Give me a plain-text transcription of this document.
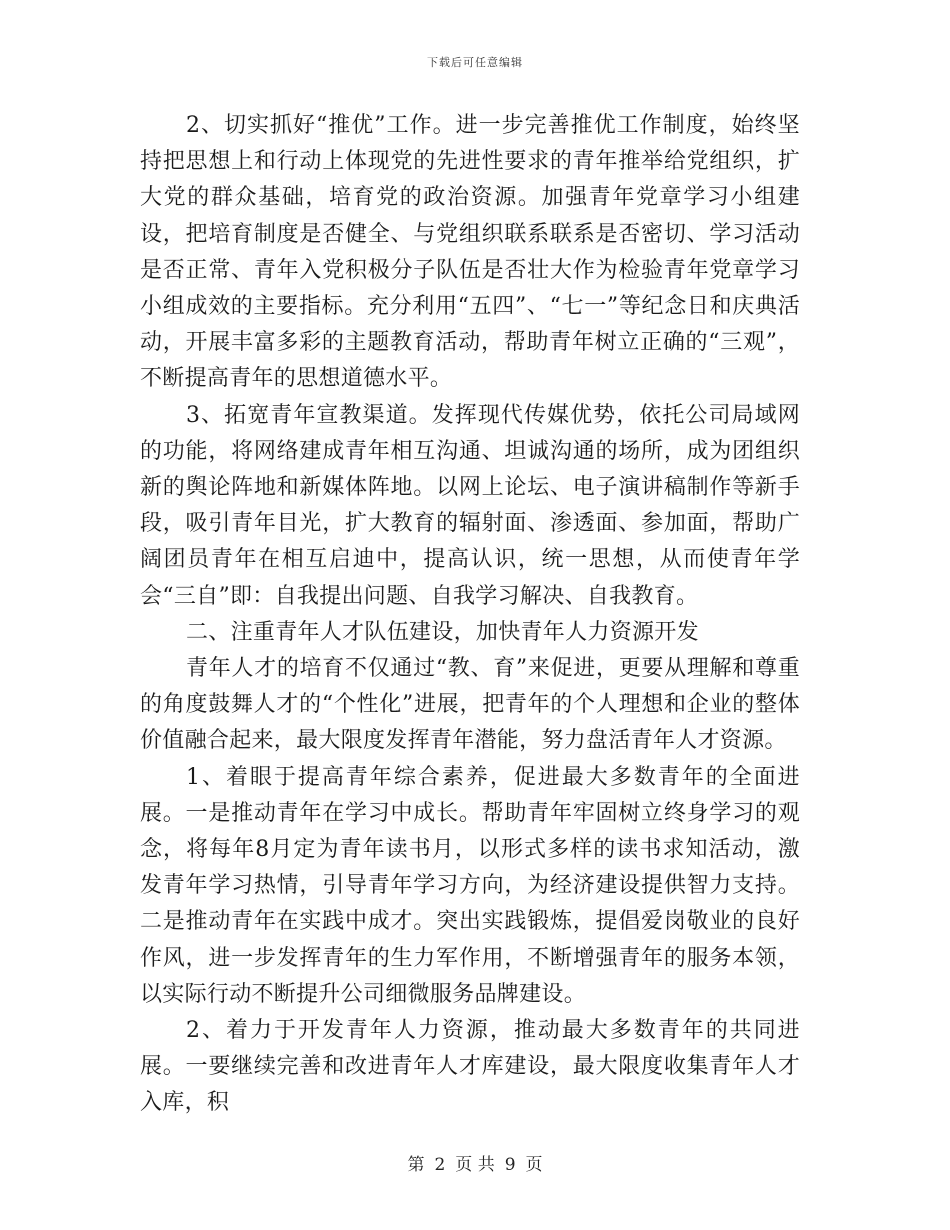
下载后可任意编辑

2、切实抓好“推优”工作。进一步完善推优工作制度，始终坚持把思想上和行动上体现党的先进性要求的青年推举给党组织，扩大党的群众基础，培育党的政治资源。加强青年党章学习小组建设，把培育制度是否健全、与党组织联系联系是否密切、学习活动是否正常、青年入党积极分子队伍是否壮大作为检验青年党章学习小组成效的主要指标。充分利用“五四”、“七一”等纪念日和庆典活动，开展丰富多彩的主题教育活动，帮助青年树立正确的“三观”，不断提高青年的思想道德水平。

3、拓宽青年宣教渠道。发挥现代传媒优势，依托公司局域网的功能，将网络建成青年相互沟通、坦诚沟通的场所，成为团组织新的舆论阵地和新媒体阵地。以网上论坛、电子演讲稿制作等新手段，吸引青年目光，扩大教育的辐射面、渗透面、参加面，帮助广阔团员青年在相互启迪中，提高认识，统一思想，从而使青年学会“三自”即：自我提出问题、自我学习解决、自我教育。

二、注重青年人才队伍建设，加快青年人力资源开发

青年人才的培育不仅通过“教、育”来促进，更要从理解和尊重的角度鼓舞人才的“个性化”进展，把青年的个人理想和企业的整体价值融合起来，最大限度发挥青年潜能，努力盘活青年人才资源。

1、着眼于提高青年综合素养，促进最大多数青年的全面进展。一是推动青年在学习中成长。帮助青年牢固树立终身学习的观念，将每年8月定为青年读书月，以形式多样的读书求知活动，激发青年学习热情，引导青年学习方向，为经济建设提供智力支持。二是推动青年在实践中成才。突出实践锻炼，提倡爱岗敬业的良好作风，进一步发挥青年的生力军作用，不断增强青年的服务本领，以实际行动不断提升公司细微服务品牌建设。

2、着力于开发青年人力资源，推动最大多数青年的共同进展。一要继续完善和改进青年人才库建设，最大限度收集青年人才入库，积

第 2 页 共 9 页
